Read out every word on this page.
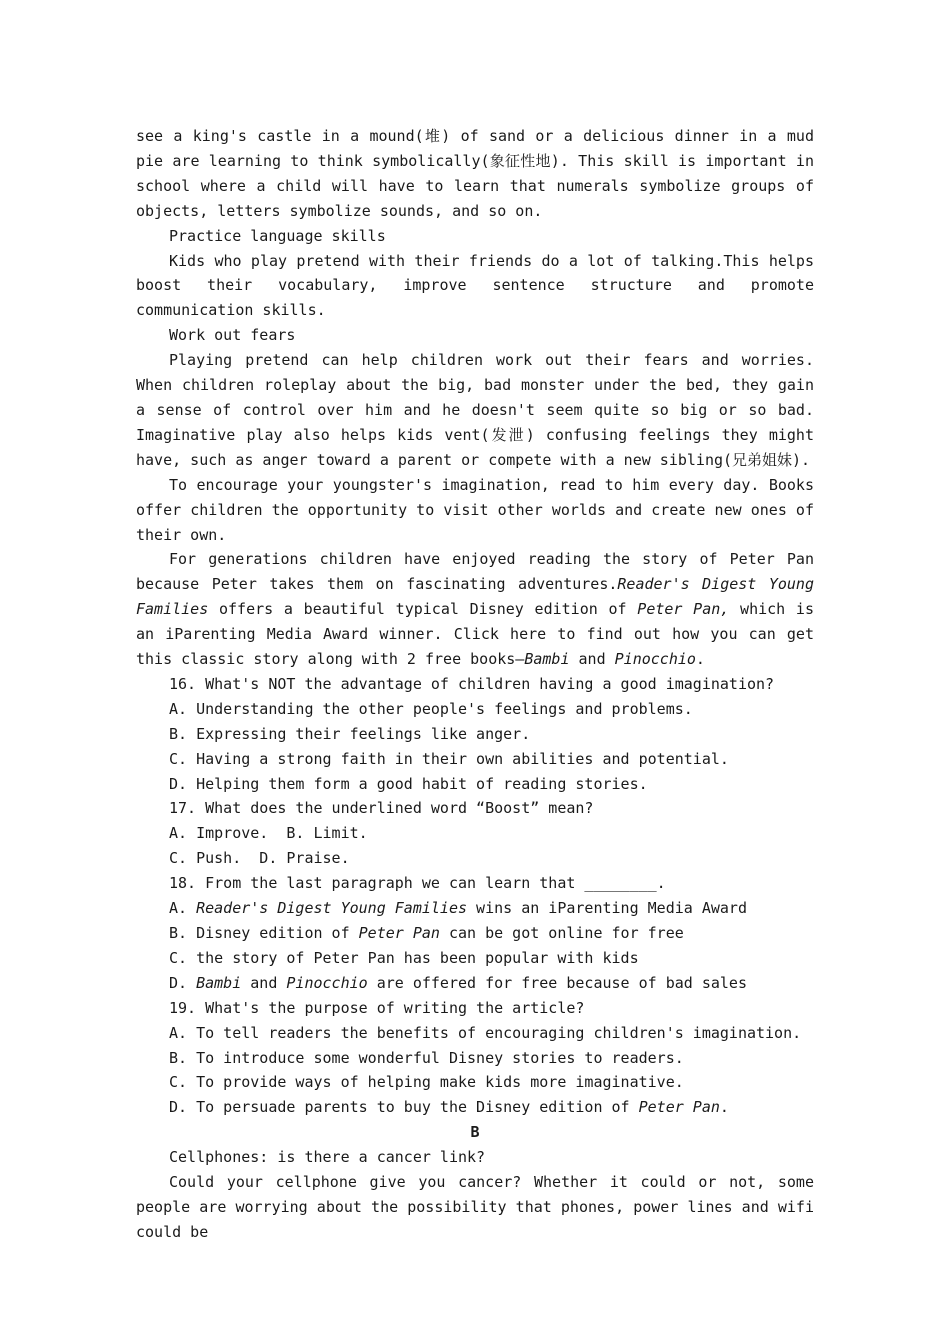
see a king's castle in a mound(堆) of sand or a delicious dinner in a mud pie are learning to think symbolically(象征性地). This skill is important in school where a child will have to learn that numerals symbolize groups of objects, letters symbolize sounds, and so on.

Practice language skills

Kids who play pretend with their friends do a lot of talking.This helps boost their vocabulary, improve sentence structure and promote communication skills.

Work out fears

Playing pretend can help children work out their fears and worries. When children roleplay about the big, bad monster under the bed, they gain a sense of control over him and he doesn't seem quite so big or so bad. Imaginative play also helps kids vent(发泄) confusing feelings they might have, such as anger toward a parent or compete with a new sibling(兄弟姐妹).

To encourage your youngster's imagination, read to him every day. Books offer children the opportunity to visit other worlds and create new ones of their own.

For generations children have enjoyed reading the story of Peter Pan because Peter takes them on fascinating adventures.Reader's Digest Young Families offers a beautiful typical Disney edition of Peter Pan, which is an iParenting Media Award winner. Click here to find out how you can get this classic story along with 2 free books—Bambi and Pinocchio.

16. What's NOT the advantage of children having a good imagination?

A. Understanding the other people's feelings and problems.

B. Expressing their feelings like anger.

C. Having a strong faith in their own abilities and potential.

D. Helping them form a good habit of reading stories.

17. What does the underlined word “Boost” mean?

A. Improve.  B. Limit.

C. Push.  D. Praise.

18. From the last paragraph we can learn that ________.

A. Reader's Digest Young Families wins an iParenting Media Award

B. Disney edition of Peter Pan can be got online for free

C. the story of Peter Pan has been popular with kids

D. Bambi and Pinocchio are offered for free because of bad sales

19. What's the purpose of writing the article?

A. To tell readers the benefits of encouraging children's imagination.

B. To introduce some wonderful Disney stories to readers.

C. To provide ways of helping make kids more imaginative.

D. To persuade parents to buy the Disney edition of Peter Pan.

B

Cellphones: is there a cancer link?

Could your cellphone give you cancer? Whether it could or not, some people are worrying about the possibility that phones, power lines and wifi could be
